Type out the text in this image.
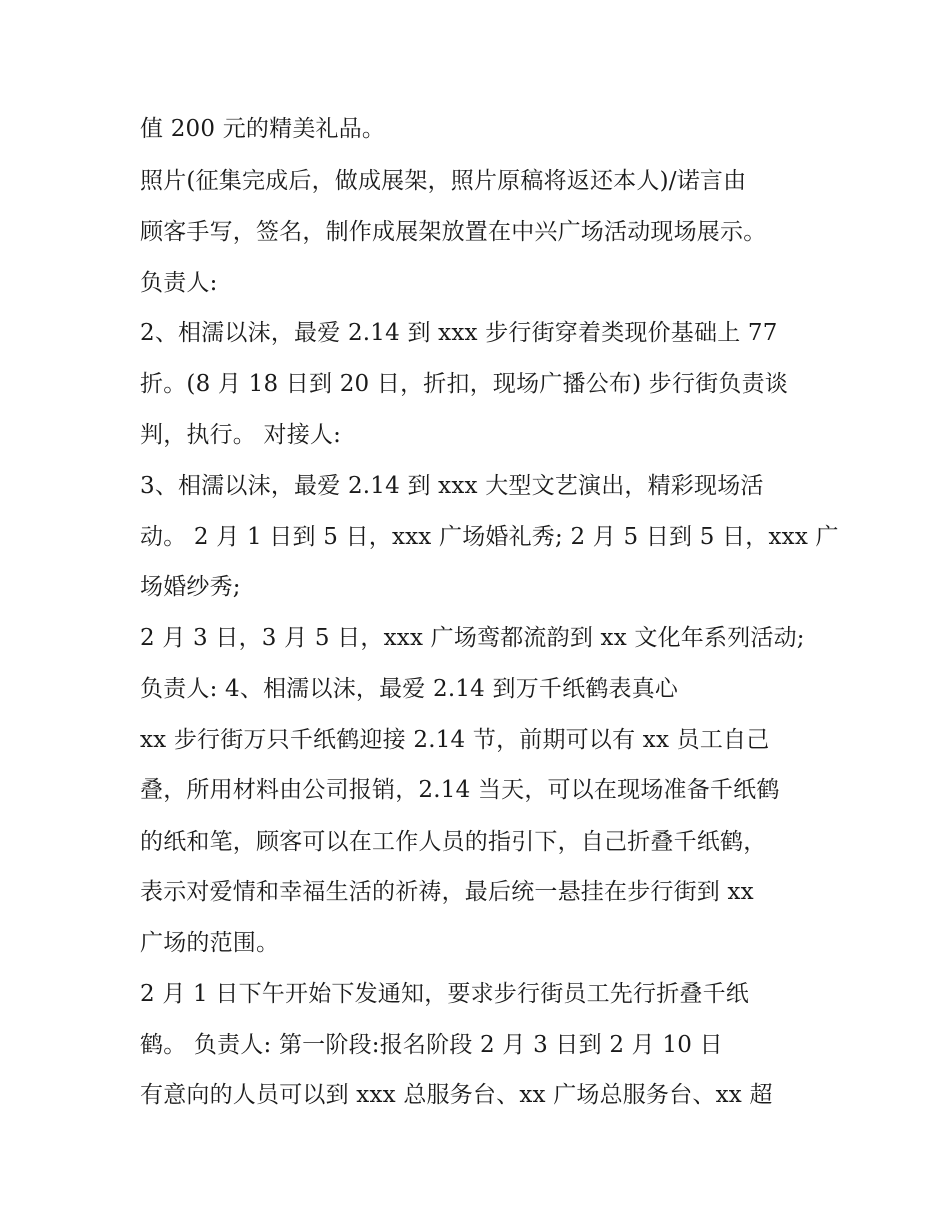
值 200 元的精美礼品。
照片(征集完成后，做成展架，照片原稿将返还本人)/诺言由
顾客手写，签名，制作成展架放置在中兴广场活动现场展示。
负责人:
2、相濡以沫，最爱 2.14 到 xxx 步行街穿着类现价基础上 77
折。(8 月 18 日到 20 日，折扣，现场广播公布) 步行街负责谈
判，执行。 对接人:
3、相濡以沫，最爱 2.14 到 xxx 大型文艺演出，精彩现场活
动。 2 月 1 日到 5 日，xxx 广场婚礼秀; 2 月 5 日到 5 日，xxx 广
场婚纱秀;
2 月 3 日，3 月 5 日，xxx 广场鸾都流韵到 xx 文化年系列活动;
负责人: 4、相濡以沫，最爱 2.14 到万千纸鹤表真心
xx 步行街万只千纸鹤迎接 2.14 节，前期可以有 xx 员工自己
叠，所用材料由公司报销，2.14 当天，可以在现场准备千纸鹤
的纸和笔，顾客可以在工作人员的指引下，自己折叠千纸鹤，
表示对爱情和幸福生活的祈祷，最后统一悬挂在步行街到 xx
广场的范围。
2 月 1 日下午开始下发通知，要求步行街员工先行折叠千纸
鹤。 负责人: 第一阶段:报名阶段 2 月 3 日到 2 月 10 日
有意向的人员可以到 xxx 总服务台、xx 广场总服务台、xx 超
